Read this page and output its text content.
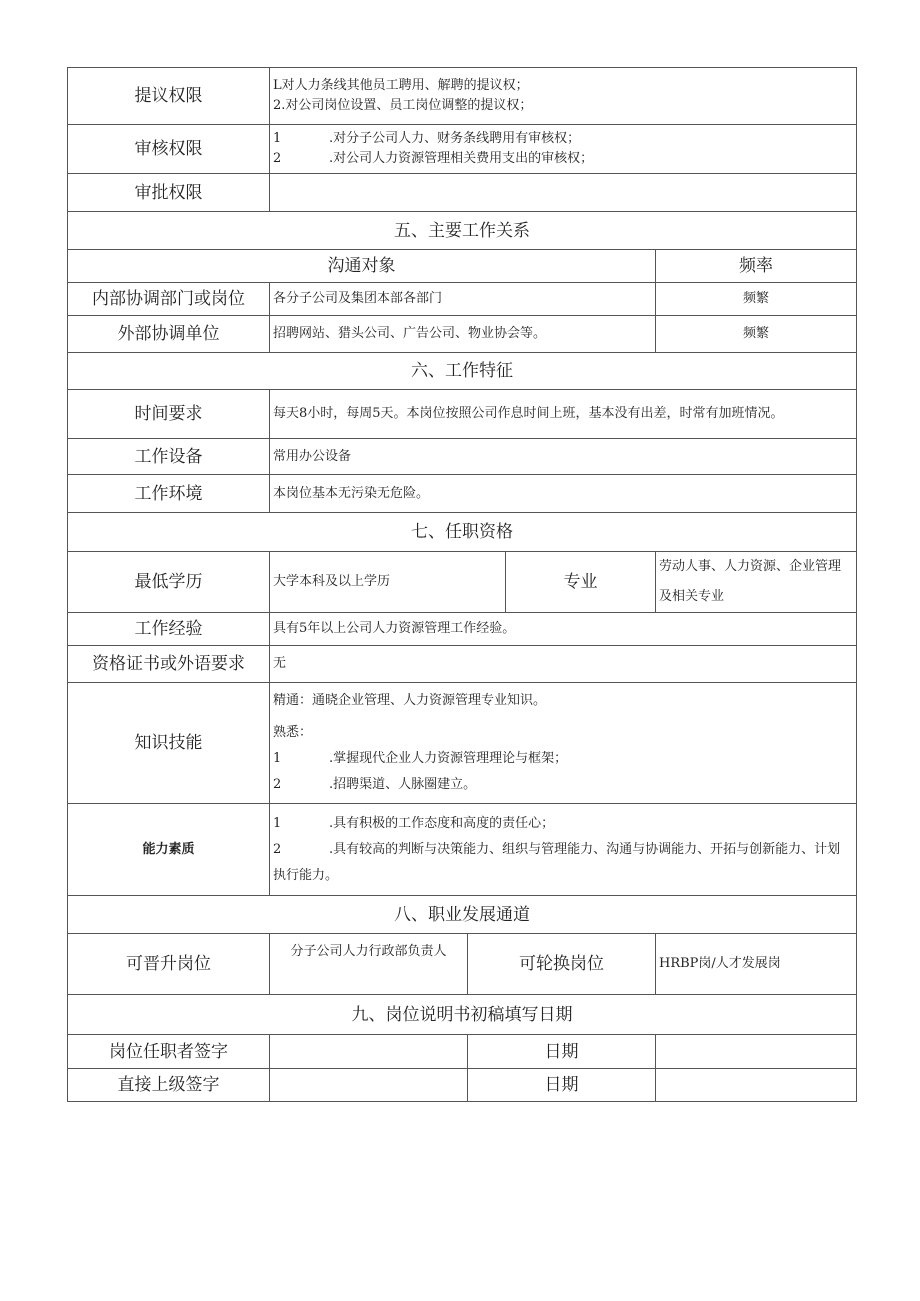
提议权限	L对人力条线其他员工聘用、解聘的提议权；
2.对公司岗位设置、员工岗位调整的提议权；			

审核权限	1 .对分子公司人力、财务条线聘用有审核权；
2 .对公司人力资源管理相关费用支出的审核权；			

审批权限				
五、主要工作关系				
沟通对象				频率
内部协调部门或岗位	各分子公司及集团本部各部门			频繁
外部协调单位	招聘网站、猎头公司、广告公司、物业协会等。			频繁
六、工作特征				
时间要求	每天8小时，每周5天。本岗位按照公司作息时间上班，基本没有出差，时常有加班情况。			
工作设备	常用办公设备			
工作环境	本岗位基本无污染无危险。			
七、任职资格				
最低学历	大学本科及以上学历		专业	劳动人事、人力资源、企业管理及相关专业
工作经验	具有5年以上公司人力资源管理工作经验。			
资格证书或外语要求	无			
知识技能	精通：通晓企业管理、人力资源管理专业知识。
熟悉：
1 .掌握现代企业人力资源管理理论与框架；
2 .招聘渠道、人脉圈建立。			

能力素质	1 .具有积极的工作态度和高度的责任心；
2 .具有较高的判断与决策能力、组织与管理能力、沟通与协调能力、开拓与创新能力、计划执行能力。			

八、职业发展通道				
可晋升岗位	分子公司人力行政部负责人	可轮换岗位		HRBP岗/人才发展岗
九、岗位说明书初稿填写日期				
岗位任职者签字		日期		
直接上级签字		日期		
